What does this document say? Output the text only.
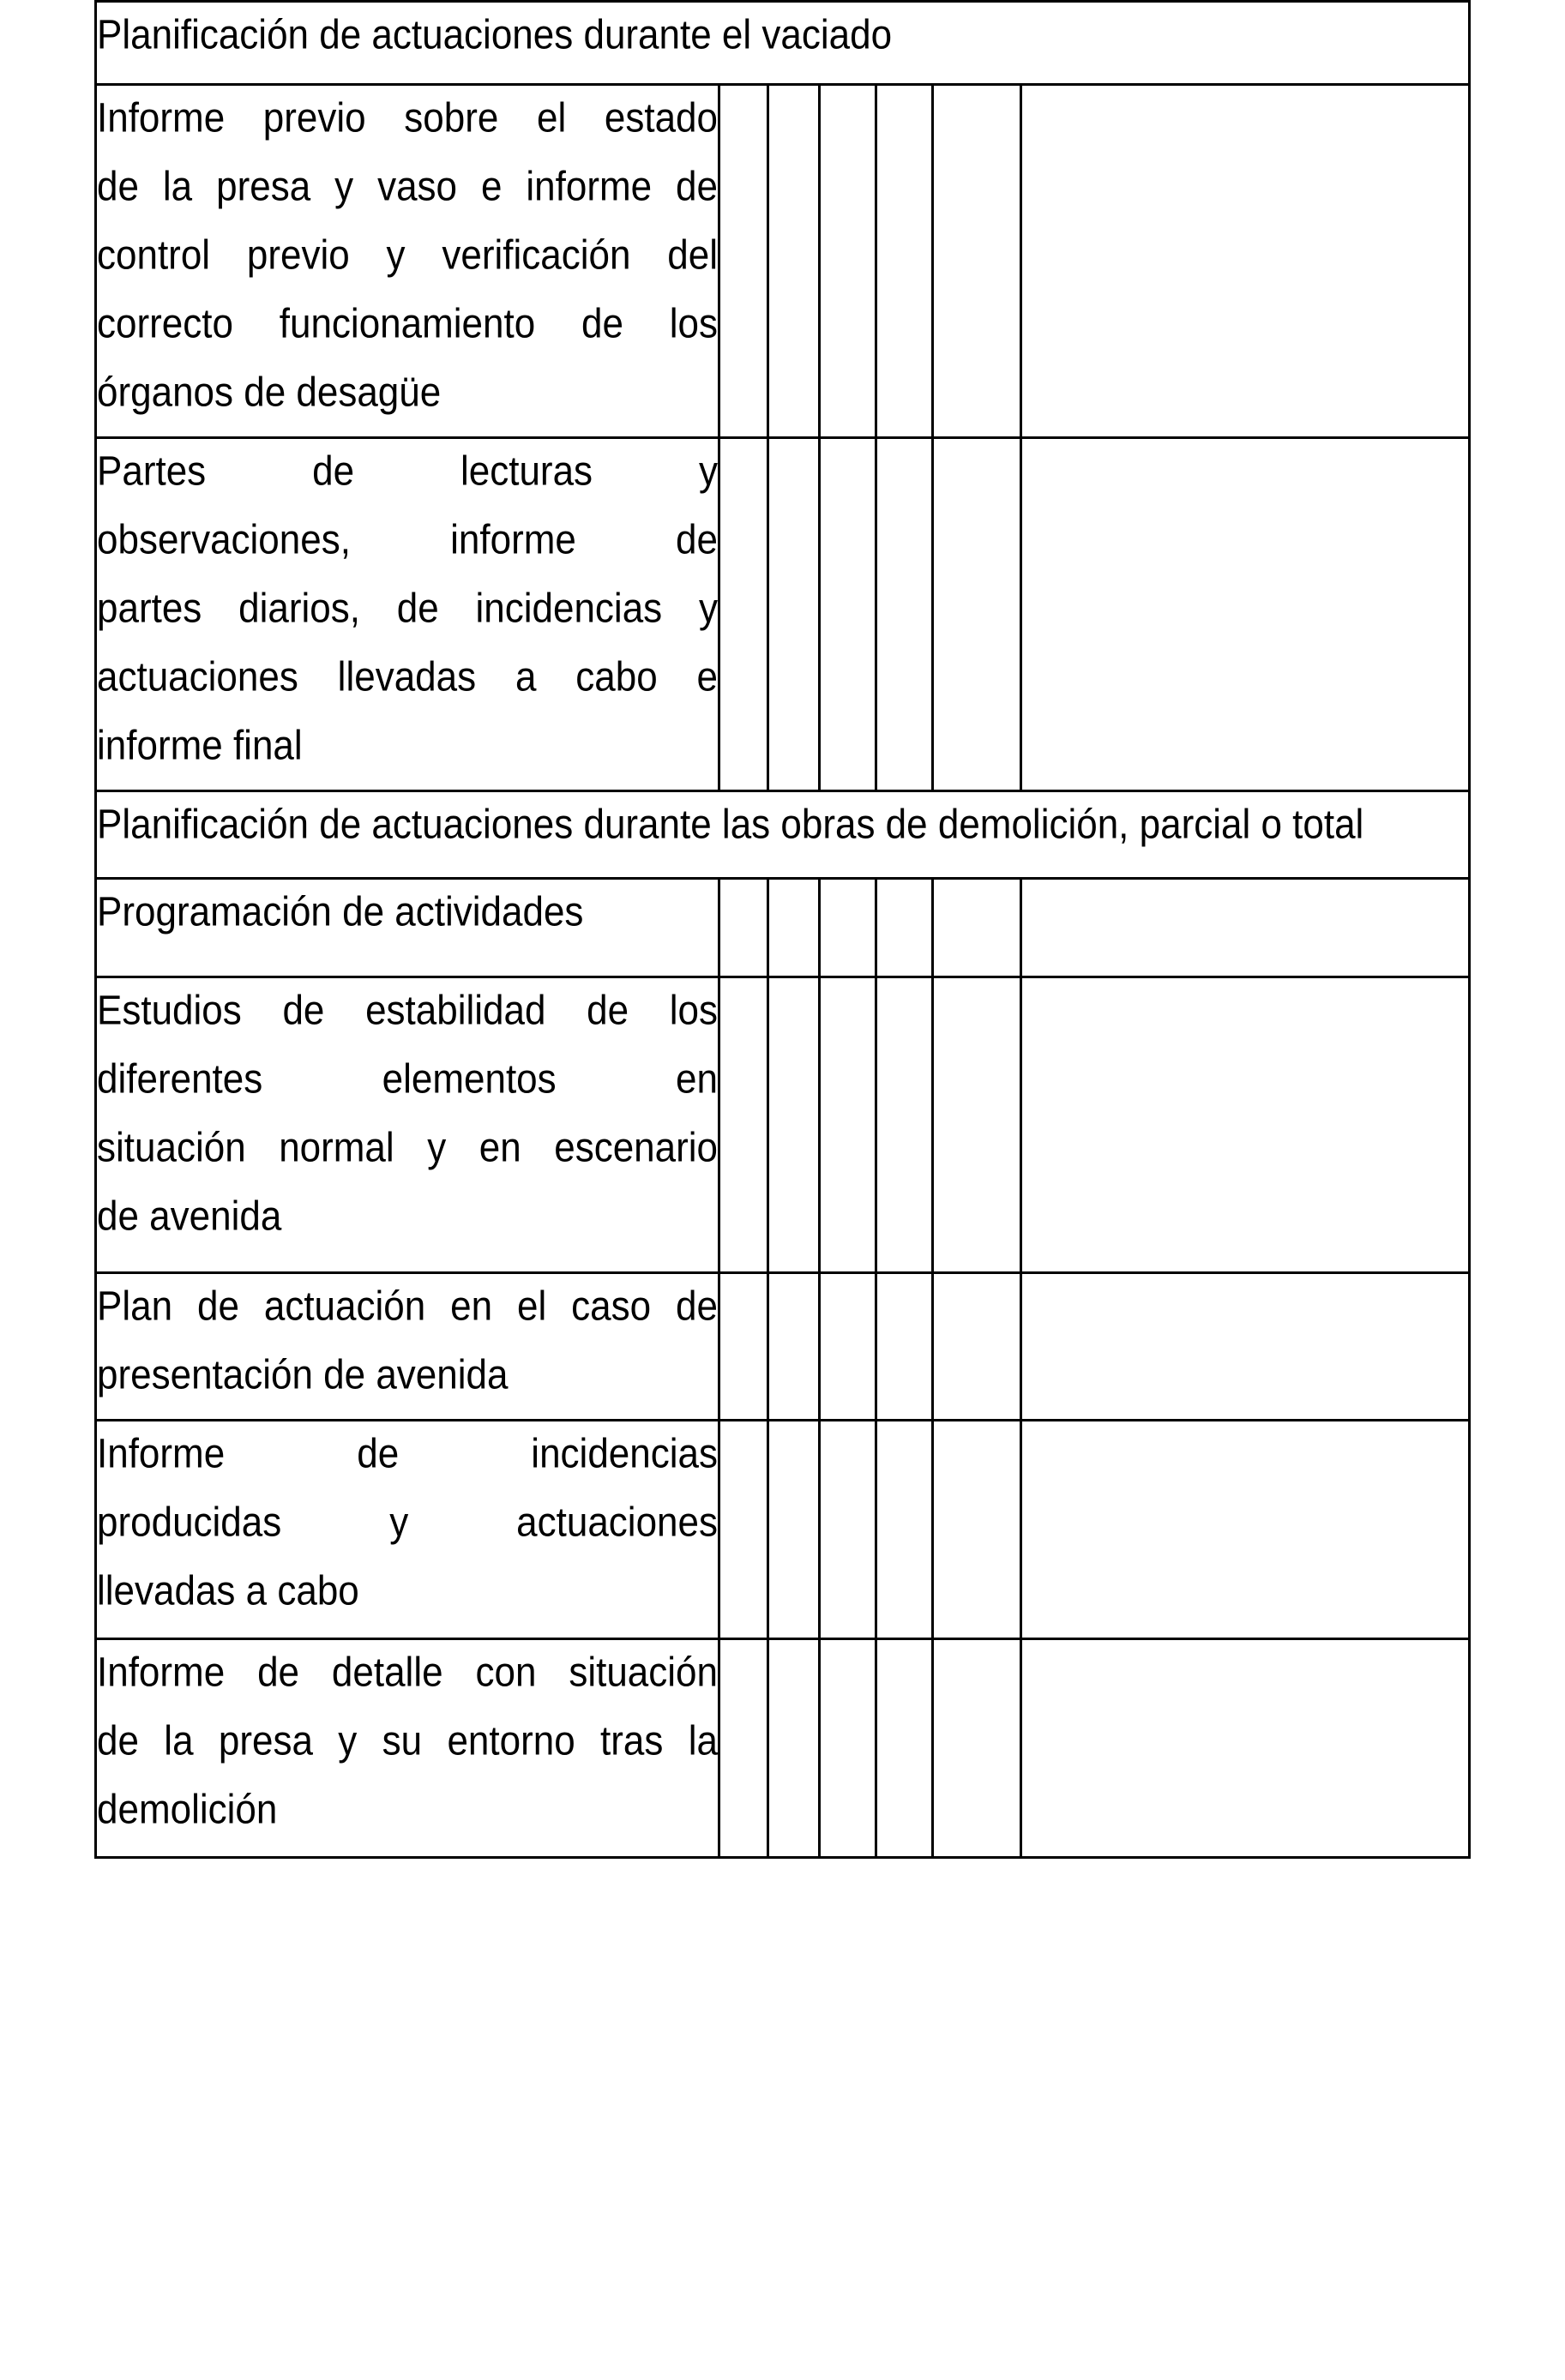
Planificación de actuaciones durante el vaciado						

Informe previo sobre el estado
de la presa y vaso e informe de
control previo y verificación del
correcto funcionamiento de los
órganos de desagüe						

Partes de lecturas y
observaciones, informe de
partes diarios, de incidencias y
actuaciones llevadas a cabo e
informe final						

Planificación de actuaciones durante las obras de demolición, parcial o total						

Programación de actividades						

Estudios de estabilidad de los
diferentes elementos en
situación normal y en escenario
de avenida						

Plan de actuación en el caso de
presentación de avenida						

Informe de incidencias
producidas y actuaciones
llevadas a cabo						

Informe de detalle con situación
de la presa y su entorno tras la
demolición						
